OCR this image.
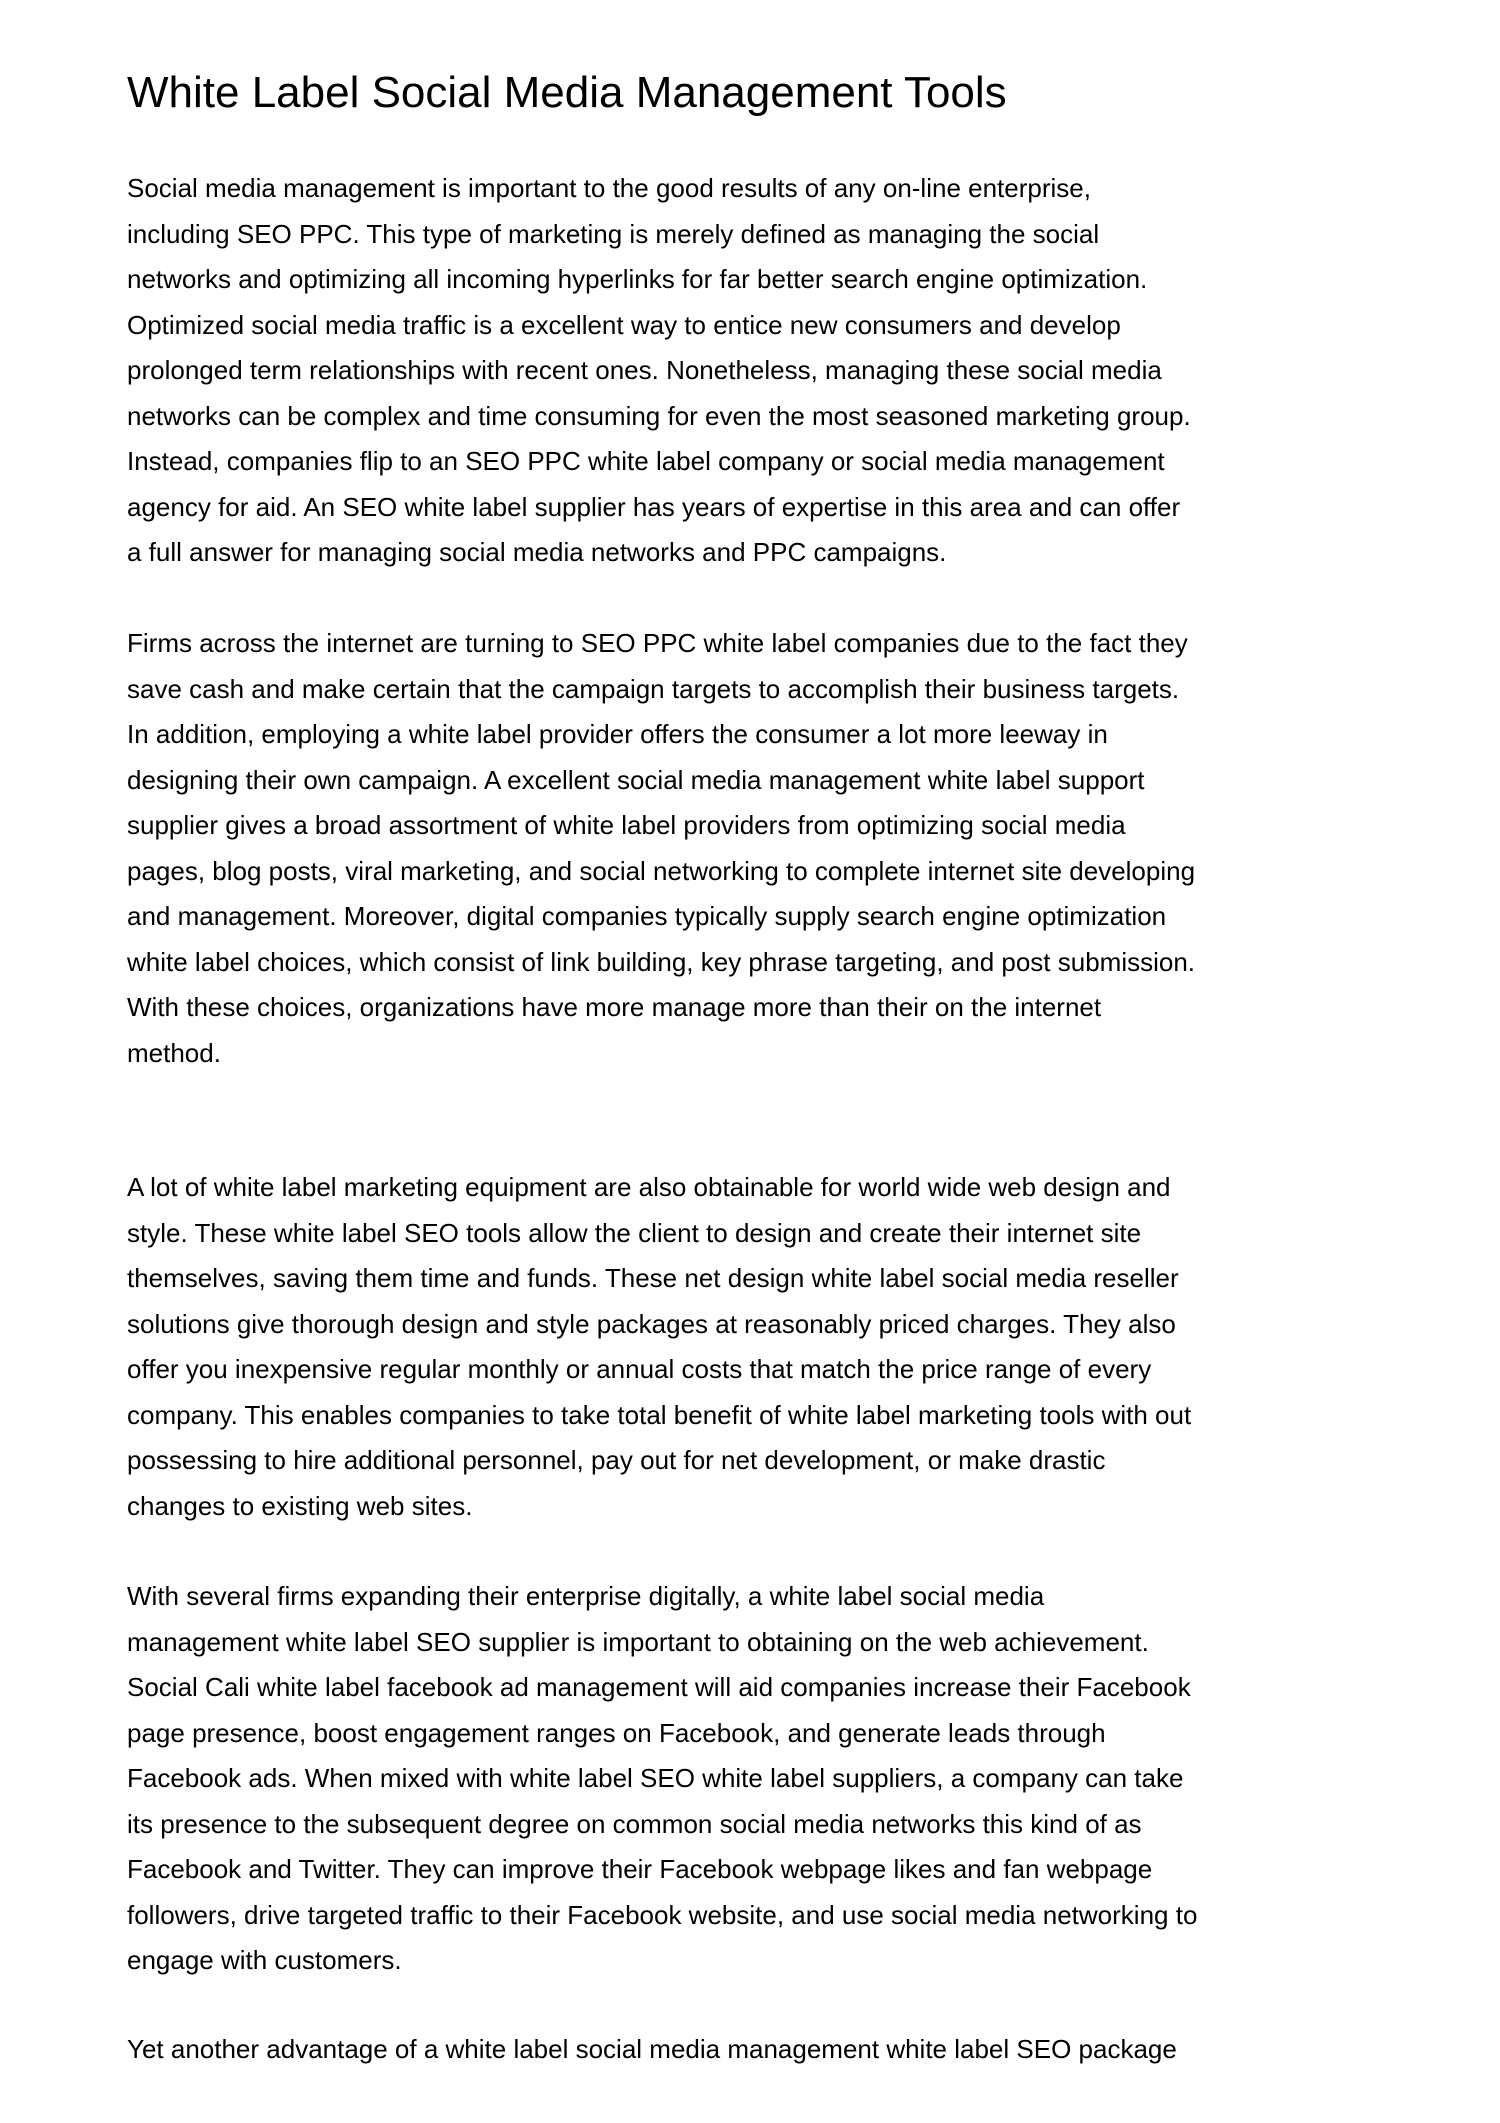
White Label Social Media Management Tools

Social media management is important to the good results of any on-line enterprise,
including SEO PPC. This type of marketing is merely defined as managing the social
networks and optimizing all incoming hyperlinks for far better search engine optimization.
Optimized social media traffic is a excellent way to entice new consumers and develop
prolonged term relationships with recent ones. Nonetheless, managing these social media
networks can be complex and time consuming for even the most seasoned marketing group.
Instead, companies flip to an SEO PPC white label company or social media management
agency for aid. An SEO white label supplier has years of expertise in this area and can offer
a full answer for managing social media networks and PPC campaigns.

Firms across the internet are turning to SEO PPC white label companies due to the fact they
save cash and make certain that the campaign targets to accomplish their business targets.
In addition, employing a white label provider offers the consumer a lot more leeway in
designing their own campaign. A excellent social media management white label support
supplier gives a broad assortment of white label providers from optimizing social media
pages, blog posts, viral marketing, and social networking to complete internet site developing
and management. Moreover, digital companies typically supply search engine optimization
white label choices, which consist of link building, key phrase targeting, and post submission.
With these choices, organizations have more manage more than their on the internet
method.

A lot of white label marketing equipment are also obtainable for world wide web design and
style. These white label SEO tools allow the client to design and create their internet site
themselves, saving them time and funds. These net design white label social media reseller
solutions give thorough design and style packages at reasonably priced charges. They also
offer you inexpensive regular monthly or annual costs that match the price range of every
company. This enables companies to take total benefit of white label marketing tools with out
possessing to hire additional personnel, pay out for net development, or make drastic
changes to existing web sites.

With several firms expanding their enterprise digitally, a white label social media
management white label SEO supplier is important to obtaining on the web achievement.
Social Cali white label facebook ad management will aid companies increase their Facebook
page presence, boost engagement ranges on Facebook, and generate leads through
Facebook ads. When mixed with white label SEO white label suppliers, a company can take
its presence to the subsequent degree on common social media networks this kind of as
Facebook and Twitter. They can improve their Facebook webpage likes and fan webpage
followers, drive targeted traffic to their Facebook website, and use social media networking to
engage with customers.

Yet another advantage of a white label social media management white label SEO package
